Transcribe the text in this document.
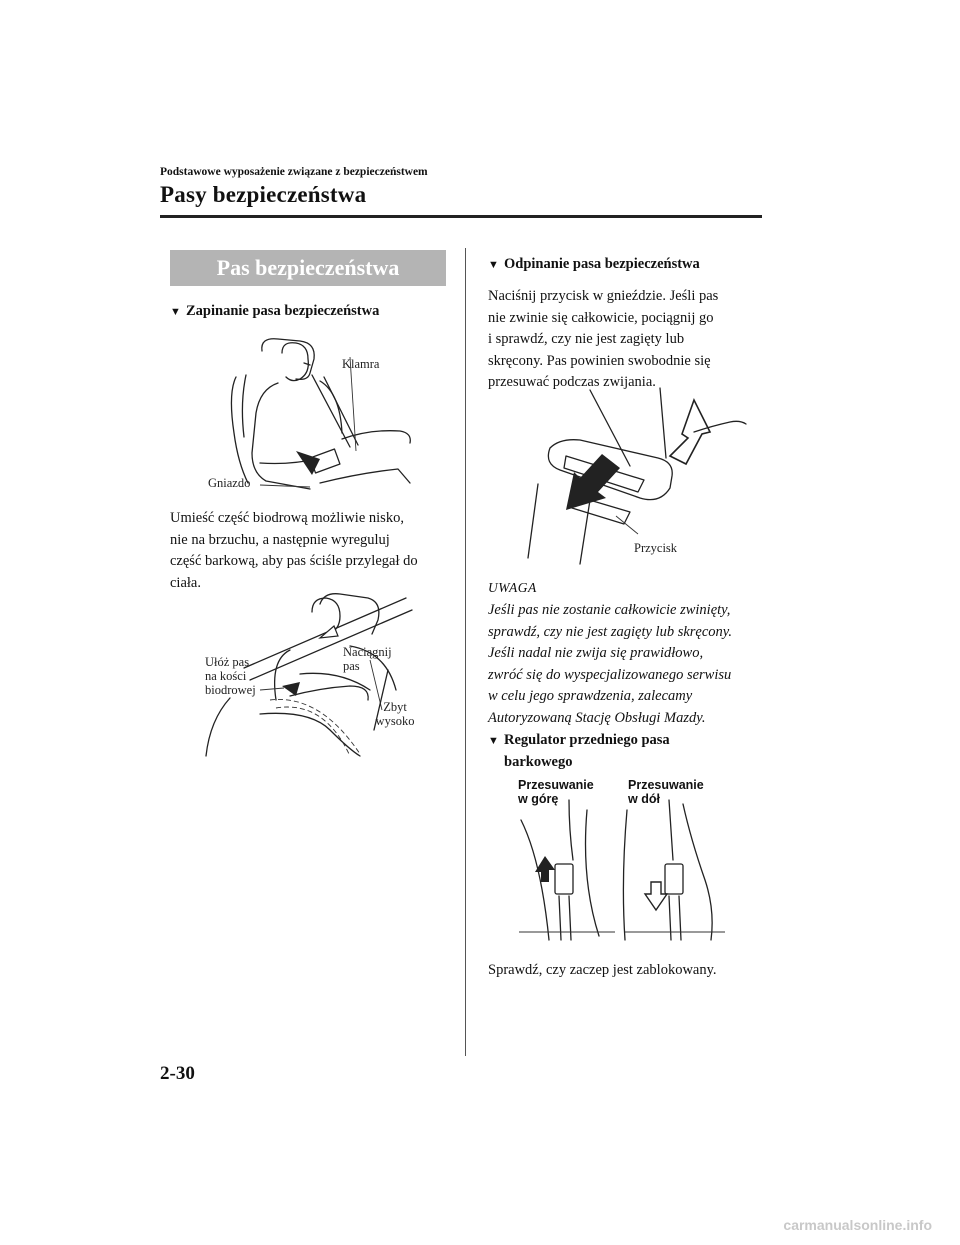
Podstawowe wyposażenie związane z bezpieczeństwem
Pasy bezpieczeństwa
Pas bezpieczeństwa
▼ Zapinanie pasa bezpieczeństwa
Klamra
Gniazdo
Umieść część biodrową możliwie nisko,
nie na brzuchu, a następnie wyreguluj
część barkową, aby pas ściśle przylegał do
ciała.
Ułóż pas
na kości
biodrowej
Naciągnij
pas
Zbyt
wysoko
▼ Odpinanie pasa bezpieczeństwa
Naciśnij przycisk w gnieździe. Jeśli pas
nie zwinie się całkowicie, pociągnij go
i sprawdź, czy nie jest zagięty lub
skręcony. Pas powinien swobodnie się
przesuwać podczas zwijania.
Przycisk
UWAGA
Jeśli pas nie zostanie całkowicie zwinięty,
sprawdź, czy nie jest zagięty lub skręcony.
Jeśli nadal nie zwija się prawidłowo,
zwróć się do wyspecjalizowanego serwisu
w celu jego sprawdzenia, zalecamy
Autoryzowaną Stację Obsługi Mazdy.
▼ Regulator przedniego pasa
barkowego
Przesuwanie
w górę
Przesuwanie
w dół
Sprawdź, czy zaczep jest zablokowany.
2-30
carmanualsonline.info
